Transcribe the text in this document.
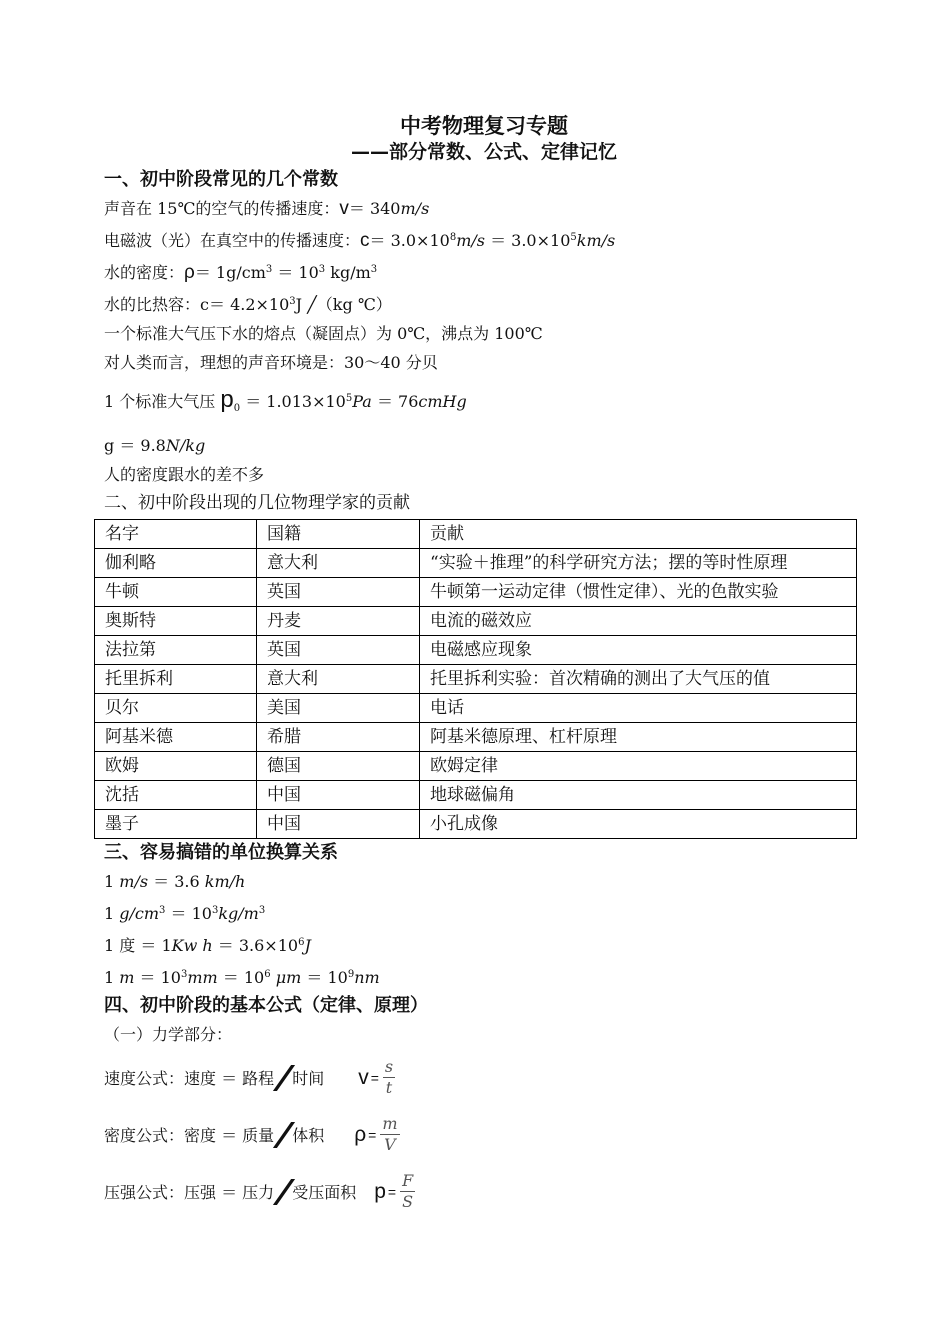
中考物理复习专题

——部分常数、公式、定律记忆

一、初中阶段常见的几个常数

声音在 15℃的空气的传播速度：v＝ 340m/s

电磁波（光）在真空中的传播速度：$c= 3.0\times 10^8m/s = 3.0\times 10^5km/s$

水的密度：$\rho= 1g/cm^3 = 10^3$ $kg/m^3$

水的比热容：$c= 4.2\times 10^3J$ ╱（kg ℃）

一个标准大气压下水的熔点（凝固点）为 0℃，沸点为 100℃

对人类而言，理想的声音环境是：30～40 分贝

1 个标准大气压 $p_0 = 1.013\times 10^5Pa$ ＝ 76cmHg

g ＝ 9.8N/kg

人的密度跟水的差不多

二、初中阶段出现的几位物理学家的贡献

名字	国籍	贡献
伽利略	意大利	“实验＋推理”的科学研究方法；摆的等时性原理
牛顿	英国	牛顿第一运动定律（惯性定律）、光的色散实验
奥斯特	丹麦	电流的磁效应
法拉第	英国	电磁感应现象
托里拆利	意大利	托里拆利实验：首次精确的测出了大气压的值
贝尔	美国	电话
阿基米德	希腊	阿基米德原理、杠杆原理
欧姆	德国	欧姆定律
沈括	中国	地球磁偏角
墨子	中国	小孔成像

三、容易搞错的单位换算关系

1 m/s ＝ 3.6 km/h

1 $g/cm^3 = 10^3kg/m^3$

1 度 ＝ 1Kw $h = 3.6\times 10^6J$

1 $m = 10^3mm = 10^6$ $\mu m = 10^9nm$

四、初中阶段的基本公式（定律、原理）

（一）力学部分：

速度公式：速度 ＝ 路程 时间 $v = \frac{s}{t}$
密度公式：密度 ＝ 质量 体积 $\rho = \frac{m}{V}$
压强公式：压强 ＝ 压力 受压面积 $p = \frac{F}{S}$
